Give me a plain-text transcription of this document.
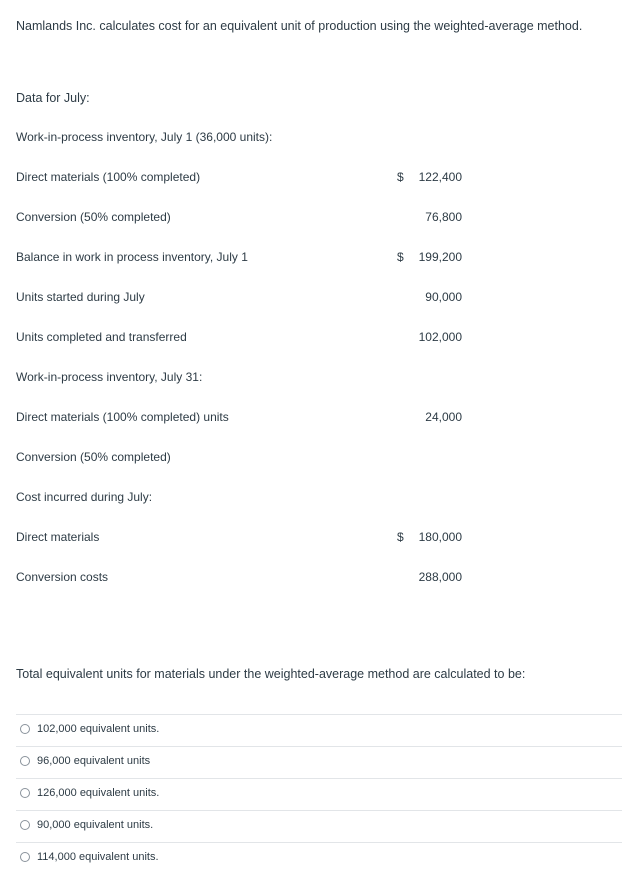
Namlands Inc. calculates cost for an equivalent unit of production using the weighted-average method.
Data for July:
Work-in-process inventory, July 1 (36,000 units):
Direct materials (100% completed)	$ 122,400
Conversion (50% completed)	76,800
Balance in work in process inventory, July 1	$ 199,200
Units started during July	90,000
Units completed and transferred	102,000
Work-in-process inventory, July 31:
Direct materials (100% completed) units	24,000
Conversion (50% completed)
Cost incurred during July:
Direct materials	$ 180,000
Conversion costs	288,000
Total equivalent units for materials under the weighted-average method are calculated to be:
102,000 equivalent units.
96,000 equivalent units
126,000 equivalent units.
90,000 equivalent units.
114,000 equivalent units.
